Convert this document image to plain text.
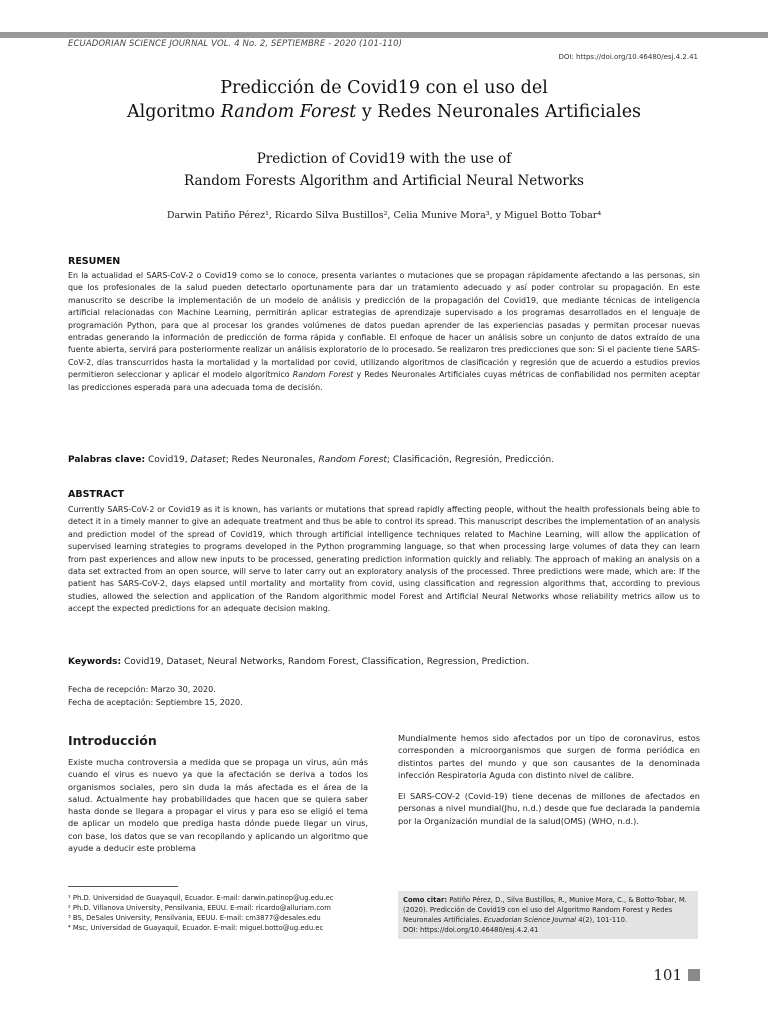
ECUADORIAN SCIENCE JOURNAL VOL. 4 No. 2, SEPTIEMBRE - 2020 (101-110)
DOI: https://doi.org/10.46480/esj.4.2.41
Predicción de Covid19 con el uso del
Algoritmo Random Forest y Redes Neuronales Artificiales
Prediction of Covid19 with the use of
Random Forests Algorithm and Artificial Neural Networks
Darwin Patiño Pérez¹, Ricardo Silva Bustillos², Celia Munive Mora³, y Miguel Botto Tobar⁴
RESUMEN
En la actualidad el SARS-CoV-2 o Covid19 como se lo conoce, presenta variantes o mutaciones que se propagan rápidamente afectando a las personas, sin que los profesionales de la salud pueden detectarlo oportunamente para dar un tratamiento adecuado y así poder controlar su propagación. En este manuscrito se describe la implementación de un modelo de análisis y predicción de la propagación del Covid19, que mediante técnicas de inteligencia artificial relacionadas con Machine Learning, permitirán aplicar estrategias de aprendizaje supervisado a los programas desarrollados en el lenguaje de programación Python, para que al procesar los grandes volúmenes de datos puedan aprender de las experiencias pasadas y permitan procesar nuevas entradas generando la información de predicción de forma rápida y confiable. El enfoque de hacer un análisis sobre un conjunto de datos extraído de una fuente abierta, servirá para posteriormente realizar un análisis exploratorio de lo procesado. Se realizaron tres predicciones que son: Si el paciente tiene SARS-CoV-2, días transcurridos hasta la mortalidad y la mortalidad por covid, utilizando algoritmos de clasificación y regresión que de acuerdo a estudios previos permitieron seleccionar y aplicar el modelo algorítmico Random Forest y Redes Neuronales Artificiales cuyas métricas de confiabilidad nos permiten aceptar las predicciones esperada para una adecuada toma de decisión.
Palabras clave: Covid19, Dataset; Redes Neuronales, Random Forest; Clasificación, Regresión, Predicción.
ABSTRACT
Currently SARS-CoV-2 or Covid19 as it is known, has variants or mutations that spread rapidly affecting people, without the health professionals being able to detect it in a timely manner to give an adequate treatment and thus be able to control its spread. This manuscript describes the implementation of an analysis and prediction model of the spread of Covid19, which through artificial intelligence techniques related to Machine Learning, will allow the application of supervised learning strategies to programs developed in the Python programming language, so that when processing large volumes of data they can learn from past experiences and allow new inputs to be processed, generating prediction information quickly and reliably. The approach of making an analysis on a data set extracted from an open source, will serve to later carry out an exploratory analysis of the processed. Three predictions were made, which are: If the patient has SARS-CoV-2, days elapsed until mortality and mortality from covid, using classification and regression algorithms that, according to previous studies, allowed the selection and application of the Random algorithmic model Forest and Artificial Neural Networks whose reliability metrics allow us to accept the expected predictions for an adequate decision making.
Keywords: Covid19, Dataset, Neural Networks, Random Forest, Classification, Regression, Prediction.
Fecha de recepción: Marzo 30, 2020.
Fecha de aceptación: Septiembre 15, 2020.
Introducción
Existe mucha controversia a medida que se propaga un virus, aún más cuando el virus es nuevo ya que la afectación se deriva a todos los organismos sociales, pero sin duda la más afectada es el área de la salud. Actualmente hay probabilidades que hacen que se quiera saber hasta donde se llegara a propagar el virus y para eso se eligió el tema de aplicar un modelo que prediga hasta dónde puede llegar un virus, con base, los datos que se van recopilando y aplicando un algoritmo que ayude a deducir este problema

Mundialmente hemos sido afectados por un tipo de coronavirus, estos corresponden a microorganismos que surgen de forma periódica en distintos partes del mundo y que son causantes de la denominada infección Respiratoria Aguda con distinto nivel de calibre.

El SARS-COV-2 (Covid-19) tiene decenas de millones de afectados en personas a nivel mundial(Jhu, n.d.) desde que fue declarada la pandemia por la Organización mundial de la salud(OMS) (WHO, n.d.).

¹ Ph.D. Universidad de Guayaquil, Ecuador. E-mail: darwin.patinop@ug.edu.ec
² Ph.D. Villanova University, Pensilvania, EEUU. E-mail: ricardo@alluriam.com
³ BS, DeSales University, Pensilvania, EEUU. E-mail: cm3877@desales.edu
⁴ Msc, Universidad de Guayaquil, Ecuador. E-mail: miguel.botto@ug.edu.ec
Como citar: Patiño Pérez, D., Silva Bustillos, R., Munive Mora, C., & Botto-Tobar, M. (2020). Predicción de Covid19 con el uso del Algoritmo Random Forest y Redes Neuronales Artificiales. Ecuadorian Science Journal 4(2), 101-110.
DOI: https://doi.org/10.46480/esj.4.2.41
101
